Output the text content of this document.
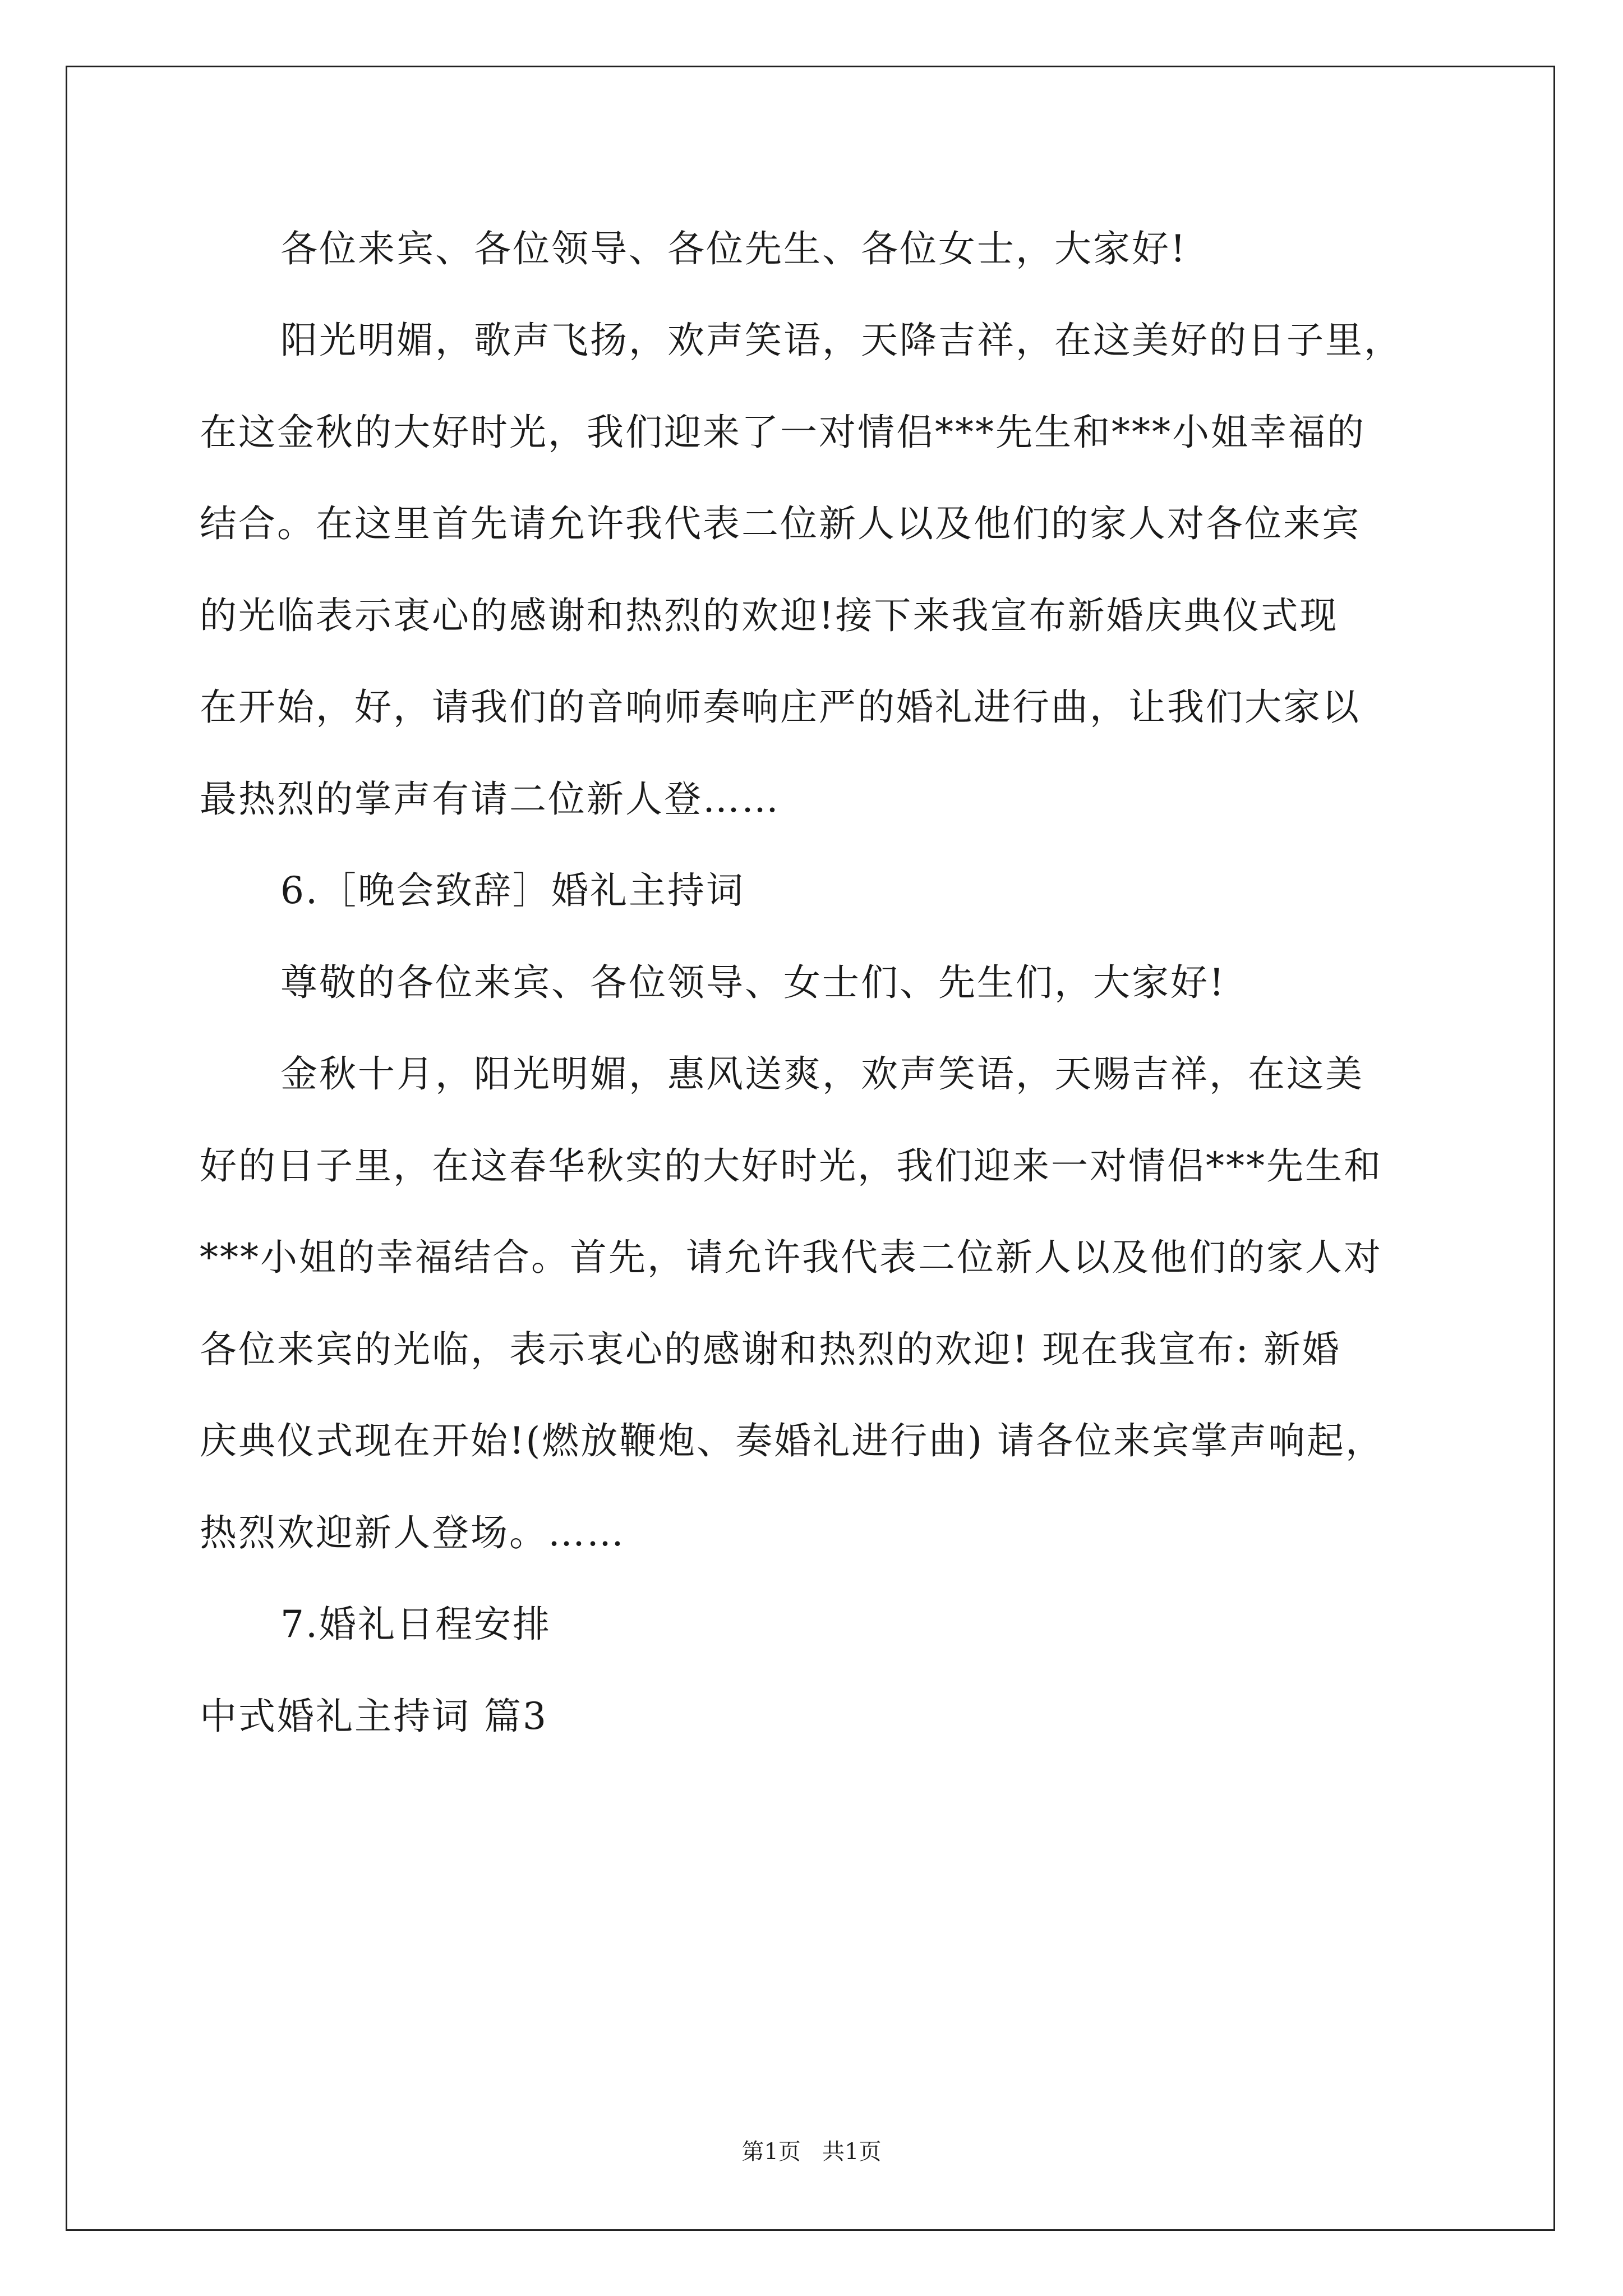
各位来宾、各位领导、各位先生、各位女士，大家好!
阳光明媚，歌声飞扬，欢声笑语，天降吉祥，在这美好的日子里，
在这金秋的大好时光，我们迎来了一对情侣***先生和***小姐幸福的
结合。在这里首先请允许我代表二位新人以及他们的家人对各位来宾
的光临表示衷心的感谢和热烈的欢迎!接下来我宣布新婚庆典仪式现
在开始，好，请我们的音响师奏响庄严的婚礼进行曲，让我们大家以
最热烈的掌声有请二位新人登……
6.［晚会致辞］婚礼主持词
尊敬的各位来宾、各位领导、女士们、先生们，大家好!
金秋十月，阳光明媚，惠风送爽，欢声笑语，天赐吉祥，在这美
好的日子里，在这春华秋实的大好时光，我们迎来一对情侣***先生和
***小姐的幸福结合。首先，请允许我代表二位新人以及他们的家人对
各位来宾的光临，表示衷心的感谢和热烈的欢迎! 现在我宣布: 新婚
庆典仪式现在开始!(燃放鞭炮、奏婚礼进行曲) 请各位来宾掌声响起，
热烈欢迎新人登场。……
7.婚礼日程安排
中式婚礼主持词 篇3
第1页   共1页
